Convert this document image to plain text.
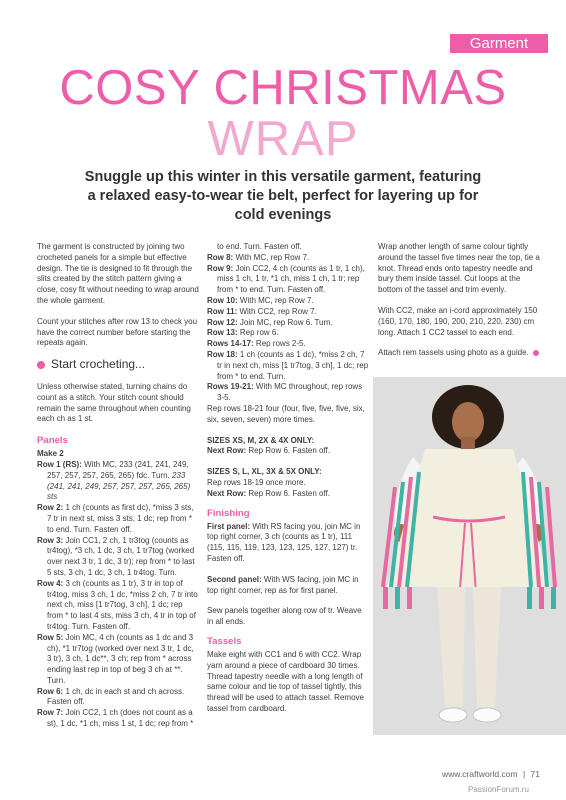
Garment
COSY CHRISTMAS
WRAP
Snuggle up this winter in this versatile garment, featuring a relaxed easy-to-wear tie belt, perfect for layering up for cold evenings

The garment is constructed by joining two crocheted panels for a simple but effective design. The tie is designed to fit through the slits created by the stitch pattern giving a close, cosy fit without needing to wrap around the whole garment.

Count your stitches after row 13 to check you have the correct number before starting the repeats again.

Start crocheting...

Unless otherwise stated, turning chains do count as a stitch. Your stitch count should remain the same throughout when counting each ch as 1 st.

Panels

Make 2

Row 1 (RS): With MC, 233 (241, 241, 249, 257, 257, 257, 265, 265) fdc. Turn. 233 (241, 241, 249, 257, 257, 257, 265, 265) sts

Row 2: 1 ch (counts as first dc), *miss 3 sts, 7 tr in next st, miss 3 sts, 1 dc; rep from * to end. Turn. Fasten off.

Row 3: Join CC1, 2 ch, 1 tr3tog (counts as tr4tog), *3 ch, 1 dc, 3 ch, 1 tr7tog (worked over next 3 tr, 1 dc, 3 tr); rep from * to last 5 sts, 3 ch, 1 dc, 3 ch, 1 tr4tog. Turn.

Row 4: 3 ch (counts as 1 tr), 3 tr in top of tr4tog, miss 3 ch, 1 dc, *miss 2 ch, 7 tr into next ch, miss [1 tr7tog, 3 ch], 1 dc; rep from * to last 4 sts, miss 3 ch, 4 tr in top of tr4tog. Turn. Fasten off.

Row 5: Join MC, 4 ch (counts as 1 dc and 3 ch), *1 tr7tog (worked over next 3 tr, 1 dc, 3 tr), 3 ch, 1 dc**, 3 ch; rep from * across ending last rep in top of beg 3 ch at **. Turn.

Row 6: 1 ch, dc in each st and ch across. Fasten off.

Row 7: Join CC2, 1 ch (does not count as a st), 1 dc, *1 ch, miss 1 st, 1 dc; rep from *

to end. Turn. Fasten off.

Row 8: With MC, rep Row 7.

Row 9: Join CC2, 4 ch (counts as 1 tr, 1 ch), miss 1 ch, 1 tr, *1 ch, miss 1 ch, 1 tr; rep from * to end. Turn. Fasten off.

Row 10: With MC, rep Row 7.

Row 11: With CC2, rep Row 7.

Row 12: Join MC, rep Row 6. Turn.

Row 13: Rep row 6.

Rows 14-17: Rep rows 2-5.

Row 18: 1 ch (counts as 1 dc), *miss 2 ch, 7 tr in next ch, miss [1 tr7tog, 3 ch], 1 dc; rep from * to end. Turn.

Rows 19-21: With MC throughout, rep rows 3-5.

Rep rows 18-21 four (four, five, five, five, six, six, seven, seven) more times.

SIZES XS, M, 2X & 4X ONLY:

Next Row: Rep Row 6. Fasten off.

SIZES S, L, XL, 3X & 5X ONLY:

Rep rows 18-19 once more.

Next Row: Rep Row 6. Fasten off.

Finishing

First panel: With RS facing you, join MC in top right corner, 3 ch (counts as 1 tr), 111 (115, 115, 119, 123, 123, 125, 127, 127) tr. Fasten off.

Second panel: With WS facing, join MC in top right corner, rep as for first panel.

Sew panels together along row of tr. Weave in all ends.

Tassels

Make eight with CC1 and 6 with CC2. Wrap yarn around a piece of cardboard 30 times. Thread tapestry needle with a long length of same colour and tie top of tassel tightly, this thread will be used to attach tassel. Remove tassel from cardboard.

Wrap another length of same colour tightly around the tassel five times near the top, tie a knot. Thread ends onto tapestry needle and bury them inside tassel. Cut loops at the bottom of the tassel and trim evenly.

With CC2, make an i-cord approximately 150 (160, 170, 180, 190, 200, 210, 220, 230) cm long. Attach 1 CC2 tassel to each end.

Attach rem tassels using photo as a guide.

www.craftworld.com | 71
PassionForum.ru
